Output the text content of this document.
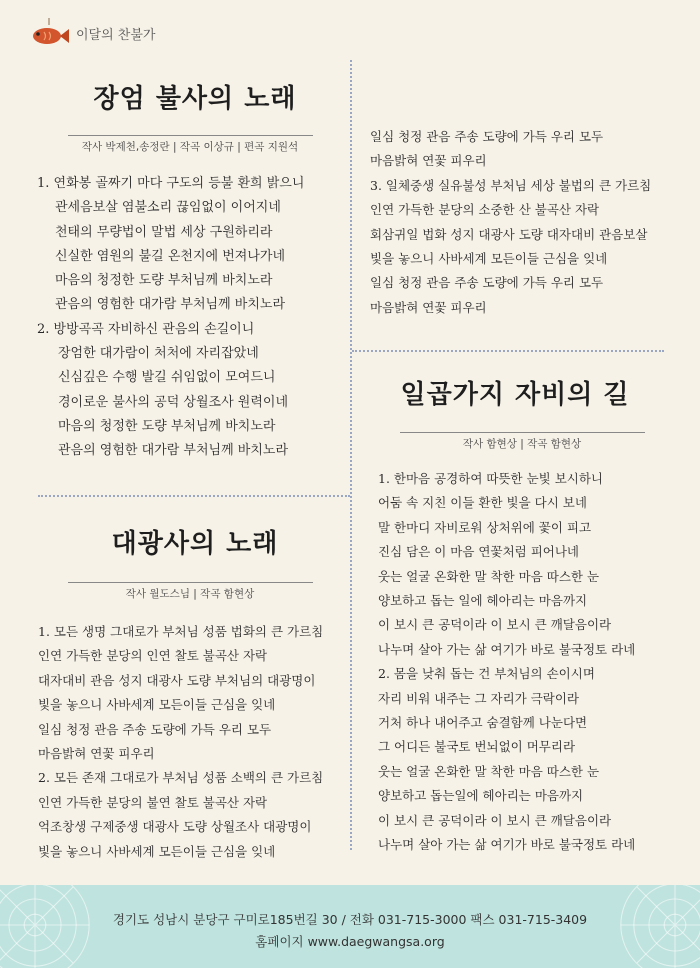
이달의 찬불가
장엄 불사의 노래
작사 박제천,송정란 | 작곡 이상규 | 편곡 지원석

1. 연화봉 골짜기 마다 구도의 등불 환희 밝으니

관세음보살 염불소리 끊임없이 이어지네

천태의 무량법이 말법 세상 구원하리라

신실한 염원의 불길 온천지에 번져나가네

마음의 청정한 도량 부처님께 바치노라

관음의 영험한 대가람 부처님께 바치노라

2. 방방곡곡 자비하신 관음의 손길이니

장엄한 대가람이 처처에 자리잡았네

신심깊은 수행 발길 쉬임없이 모여드니

경이로운 불사의 공덕 상월조사 원력이네

마음의 청정한 도량 부처님께 바치노라

관음의 영험한 대가람 부처님께 바치노라

대광사의 노래
작사 월도스님 | 작곡 함현상

1. 모든 생명 그대로가 부처님 성품 법화의 큰 가르침

인연 가득한 분당의 인연 찰토 불곡산 자락

대자대비 관음 성지 대광사 도량 부처님의 대광명이

빛을 놓으니 사바세계 모든이들 근심을 잊네

일심 청정 관음 주송 도량에 가득 우리 모두

마음밝혀 연꽃 피우리

2. 모든 존재 그대로가 부처님 성품 소백의 큰 가르침

인연 가득한 분당의 불연 찰토 불곡산 자락

억조창생 구제중생 대광사 도량 상월조사 대광명이

빛을 놓으니 사바세계 모든이들 근심을 잊네

일심 청정 관음 주송 도량에 가득 우리 모두

마음밝혀 연꽃 피우리

3. 일체중생 실유불성 부처님 세상 불법의 큰 가르침

인연 가득한 분당의 소중한 산 불곡산 자락

회삼귀일 법화 성지 대광사 도량 대자대비 관음보살

빛을 놓으니 사바세계 모든이들 근심을 잊네

일심 청정 관음 주송 도량에 가득 우리 모두

마음밝혀 연꽃 피우리

일곱가지 자비의 길
작사 함현상 | 작곡 함현상

1. 한마음 공경하여 따뜻한 눈빛 보시하니

어둠 속 지친 이들 환한 빛을 다시 보네

말 한마디 자비로워 상처위에 꽃이 피고

진심 담은 이 마음 연꽃처럼 피어나네

웃는 얼굴 온화한 말 착한 마음 따스한 눈

양보하고 돕는 일에 헤아리는 마음까지

이 보시 큰 공덕이라 이 보시 큰 깨달음이라

나누며 살아 가는 삶 여기가 바로 불국정토 라네

2. 몸을 낮춰 돕는 건 부처님의 손이시며

자리 비워 내주는 그 자리가 극락이라

거처 하나 내어주고 숨결함께 나눈다면

그 어디든 불국토 번뇌없이 머무리라

웃는 얼굴 온화한 말 착한 마음 따스한 눈

양보하고 돕는일에 헤아리는 마음까지

이 보시 큰 공덕이라 이 보시 큰 깨달음이라

나누며 살아 가는 삶 여기가 바로 불국정토 라네

경기도 성남시 분당구 구미로185번길 30 / 전화 031-715-3000 팩스 031-715-3409
홈페이지 www.daegwangsa.org
